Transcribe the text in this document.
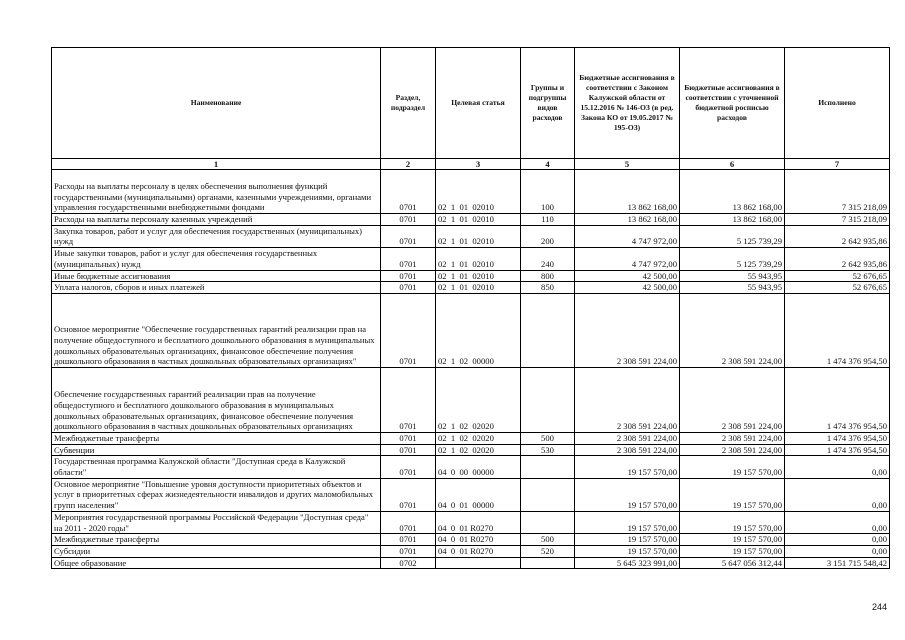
Наименование	Раздел, подраздел	Целевая статья	Группы и подгруппы видов расходов	Бюджетные ассигнования в соответствии с Законом Калужской области от 15.12.2016 № 146-ОЗ (в ред. Закона КО от 19.05.2017 № 195-ОЗ)	Бюджетные ассигнования в соответствии с уточненной бюджетной росписью расходов	Исполнено
1	2	3	4	5	6	7
Расходы на выплаты персоналу в целях обеспечения выполнения функций государственными (муниципальными) органами, казенными учреждениями, органами управления государственными внебюджетными фондами	0701	02  1  01  02010	100	13 862 168,00	13 862 168,00	7 315 218,09
Расходы на выплаты персоналу казенных учреждений	0701	02  1  01  02010	110	13 862 168,00	13 862 168,00	7 315 218,09
Закупка товаров, работ и услуг для обеспечения государственных (муниципальных) нужд	0701	02  1  01  02010	200	4 747 972,00	5 125 739,29	2 642 935,86
Иные закупки товаров, работ и услуг для обеспечения государственных (муниципальных) нужд	0701	02  1  01  02010	240	4 747 972,00	5 125 739,29	2 642 935,86
Иные бюджетные ассигнования	0701	02  1  01  02010	800	42 500,00	55 943,95	52 676,65
Уплата налогов, сборов и иных платежей	0701	02  1  01  02010	850	42 500,00	55 943,95	52 676,65
Основное мероприятие "Обеспечение государственных гарантий реализации прав на получение общедоступного и бесплатного дошкольного образования в муниципальных дошкольных образовательных организациях, финансовое обеспечение получения дошкольного образования в частных дошкольных образовательных организациях"	0701	02  1  02  00000		2 308 591 224,00	2 308 591 224,00	1 474 376 954,50
Обеспечение государственных гарантий реализации прав на получение общедоступного и бесплатного дошкольного образования в муниципальных дошкольных образовательных организациях, финансовое обеспечение получения дошкольного образования в частных дошкольных образовательных организациях	0701	02  1  02  02020		2 308 591 224,00	2 308 591 224,00	1 474 376 954,50
Межбюджетные трансферты	0701	02  1  02  02020	500	2 308 591 224,00	2 308 591 224,00	1 474 376 954,50
Субвенции	0701	02  1  02  02020	530	2 308 591 224,00	2 308 591 224,00	1 474 376 954,50
Государственная программа Калужской области "Доступная среда в Калужской области"	0701	04  0  00  00000		19 157 570,00	19 157 570,00	0,00
Основное мероприятие "Повышение уровня доступности приоритетных объектов и услуг в приоритетных сферах жизнедеятельности инвалидов и других маломобильных групп населения"	0701	04  0  01  00000		19 157 570,00	19 157 570,00	0,00
Мероприятия государственной программы Российской Федерации "Доступная среда" на 2011 - 2020 годы"	0701	04  0  01 R0270		19 157 570,00	19 157 570,00	0,00
Межбюджетные трансферты	0701	04  0  01 R0270	500	19 157 570,00	19 157 570,00	0,00
Субсидии	0701	04  0  01 R0270	520	19 157 570,00	19 157 570,00	0,00
Общее образование	0702			5 645 323 991,00	5 647 056 312,44	3 151 715 548,42
244
